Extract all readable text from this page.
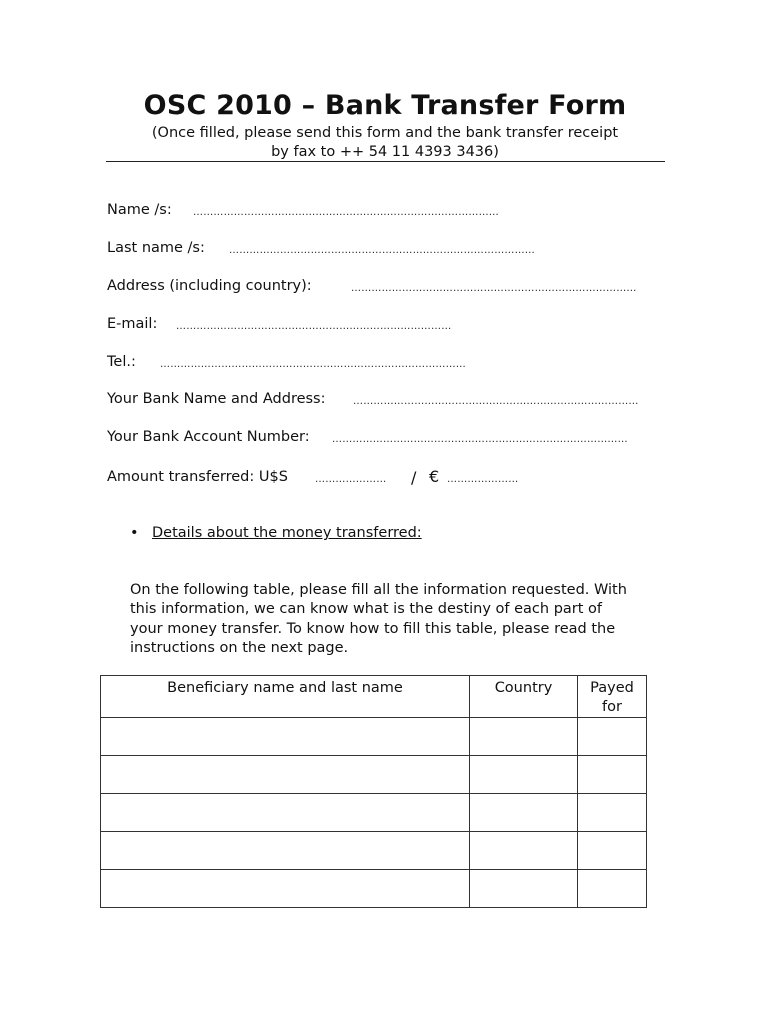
OSC 2010 – Bank Transfer Form
(Once filled, please send this form and the bank transfer receipt
by fax to ++ 54 11 4393 3436)
Name /s: ………………………………………………………………………………
Last name /s: ………………………………………………………………………………
Address (including country):	…………………………………………………………………………
E-mail: ………………………………………………………………………
Tel.: ………………………………………………………………………………
Your Bank Name and Address:	…………………………………………………………………………
Your Bank Account Number: ……………………………………………………………………………
Amount transferred: U$S	………………… / € …………………
• Details about the money transferred:
On the following table, please fill all the information requested. With
this information, we can know what is the destiny of each part of
your money transfer. To know how to fill this table, please read the
instructions on the next page.
Beneficiary name and last name	Country	Payed for
